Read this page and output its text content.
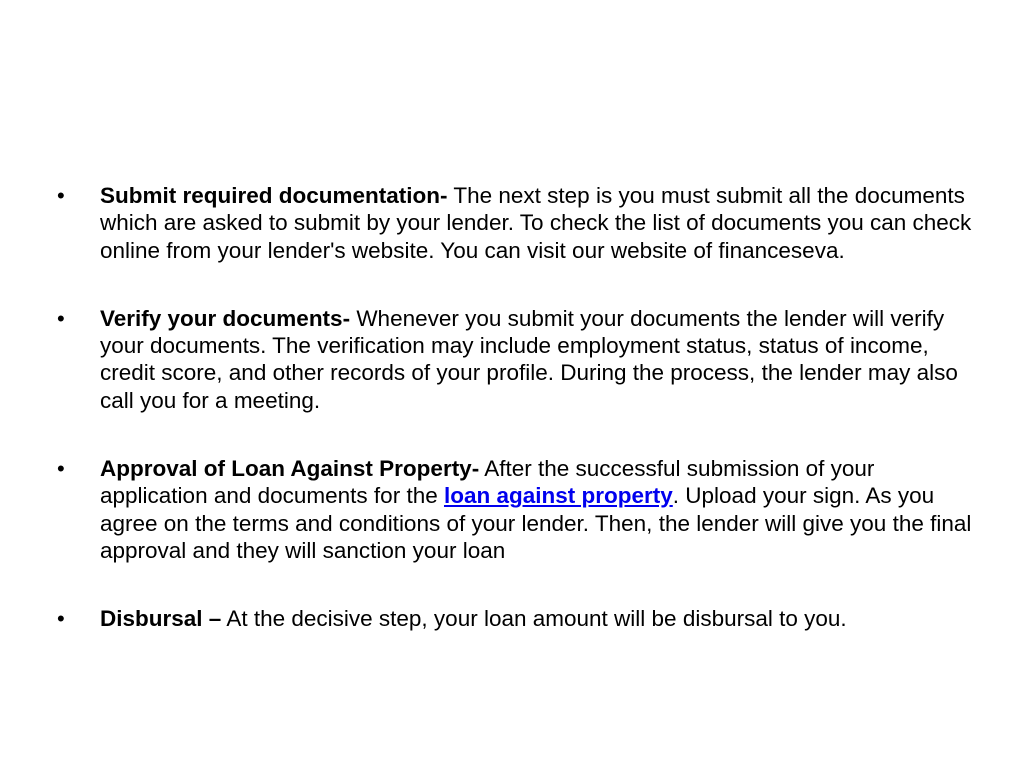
•	Submit required documentation- The next step is you must submit all the documents which are asked to submit by your lender. To check the list of documents you can check online from your lender's website. You can visit our website of financeseva.
•	Verify your documents- Whenever you submit your documents the lender will verify your documents. The verification may include employment status, status of income, credit score, and other records of your profile. During the process, the lender may also call you for a meeting.
•	Approval of Loan Against Property- After the successful submission of your application and documents for the loan against property. Upload your sign. As you agree on the terms and conditions of your lender. Then, the lender will give you the final approval and they will sanction your loan
•	Disbursal – At the decisive step, your loan amount will be disbursal to you.
